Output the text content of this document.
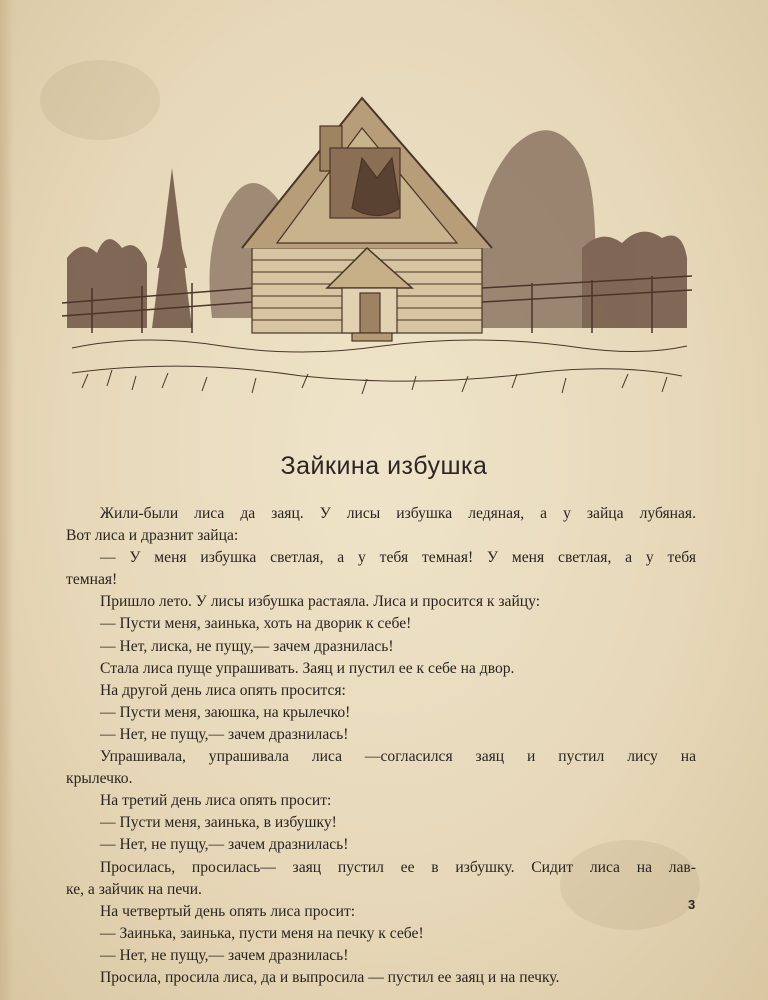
Зайкина избушка

Жили-были лиса да заяц. У лисы избушка ледяная, а у зайца лубяная.

Вот лиса и дразнит зайца:

— У меня избушка светлая, а у тебя темная! У меня светлая, а у тебя

темная!

Пришло лето. У лисы избушка растаяла. Лиса и просится к зайцу:

— Пусти меня, заинька, хоть на дворик к себе!

— Нет, лиска, не пущу,— зачем дразнилась!

Стала лиса пуще упрашивать. Заяц и пустил ее к себе на двор.

На другой день лиса опять просится:

— Пусти меня, заюшка, на крылечко!

— Нет, не пущу,— зачем дразнилась!

Упрашивала, упрашивала лиса —согласился заяц и пустил лису на

крылечко.

На третий день лиса опять просит:

— Пусти меня, заинька, в избушку!

— Нет, не пущу,— зачем дразнилась!

Просилась, просилась— заяц пустил ее в избушку. Сидит лиса на лав-

ке, а зайчик на печи.

На четвертый день опять лиса просит:

— Заинька, заинька, пусти меня на печку к себе!

— Нет, не пущу,— зачем дразнилась!

Просила, просила лиса, да и выпросила — пустил ее заяц и на печку.

3
